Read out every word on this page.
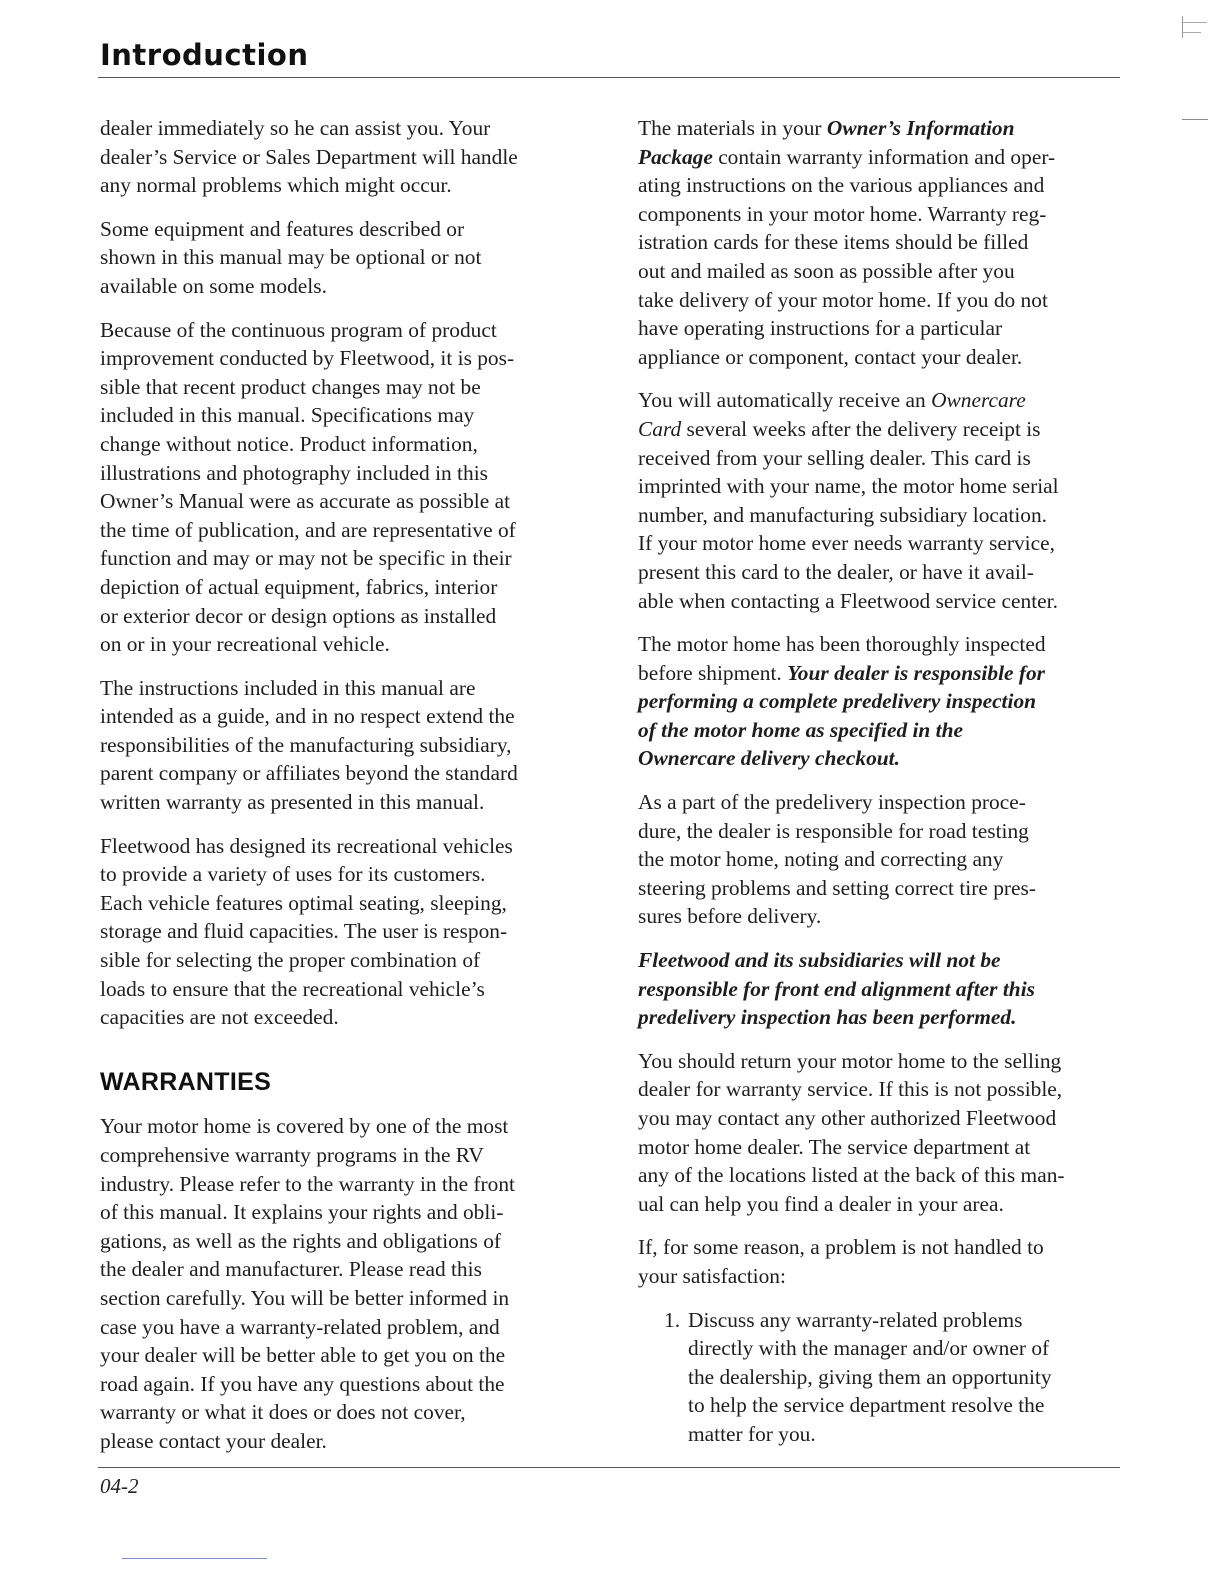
Introduction

dealer immediately so he can assist you. Your
dealer’s Service or Sales Department will handle
any normal problems which might occur.

Some equipment and features described or
shown in this manual may be optional or not
available on some models.

Because of the continuous program of product
improvement conducted by Fleetwood, it is pos-
sible that recent product changes may not be
included in this manual. Specifications may
change without notice. Product information,
illustrations and photography included in this
Owner’s Manual were as accurate as possible at
the time of publication, and are representative of
function and may or may not be specific in their
depiction of actual equipment, fabrics, interior
or exterior decor or design options as installed
on or in your recreational vehicle.

The instructions included in this manual are
intended as a guide, and in no respect extend the
responsibilities of the manufacturing subsidiary,
parent company or affiliates beyond the standard
written warranty as presented in this manual.

Fleetwood has designed its recreational vehicles
to provide a variety of uses for its customers.
Each vehicle features optimal seating, sleeping,
storage and fluid capacities. The user is respon-
sible for selecting the proper combination of
loads to ensure that the recreational vehicle’s
capacities are not exceeded.

WARRANTIES

Your motor home is covered by one of the most
comprehensive warranty programs in the RV
industry. Please refer to the warranty in the front
of this manual. It explains your rights and obli-
gations, as well as the rights and obligations of
the dealer and manufacturer. Please read this
section carefully. You will be better informed in
case you have a warranty-related problem, and
your dealer will be better able to get you on the
road again. If you have any questions about the
warranty or what it does or does not cover,
please contact your dealer.

The materials in your Owner’s Information
Package contain warranty information and oper-
ating instructions on the various appliances and
components in your motor home. Warranty reg-
istration cards for these items should be filled
out and mailed as soon as possible after you
take delivery of your motor home. If you do not
have operating instructions for a particular
appliance or component, contact your dealer.

You will automatically receive an Ownercare
Card several weeks after the delivery receipt is
received from your selling dealer. This card is
imprinted with your name, the motor home serial
number, and manufacturing subsidiary location.
If your motor home ever needs warranty service,
present this card to the dealer, or have it avail-
able when contacting a Fleetwood service center.

The motor home has been thoroughly inspected
before shipment. Your dealer is responsible for
performing a complete predelivery inspection
of the motor home as specified in the
Ownercare delivery checkout.

As a part of the predelivery inspection proce-
dure, the dealer is responsible for road testing
the motor home, noting and correcting any
steering problems and setting correct tire pres-
sures before delivery.

Fleetwood and its subsidiaries will not be
responsible for front end alignment after this
predelivery inspection has been performed.

You should return your motor home to the selling
dealer for warranty service. If this is not possible,
you may contact any other authorized Fleetwood
motor home dealer. The service department at
any of the locations listed at the back of this man-
ual can help you find a dealer in your area.

If, for some reason, a problem is not handled to
your satisfaction:

1. Discuss any warranty-related problems
directly with the manager and/or owner of
the dealership, giving them an opportunity
to help the service department resolve the
matter for you.
04-2
